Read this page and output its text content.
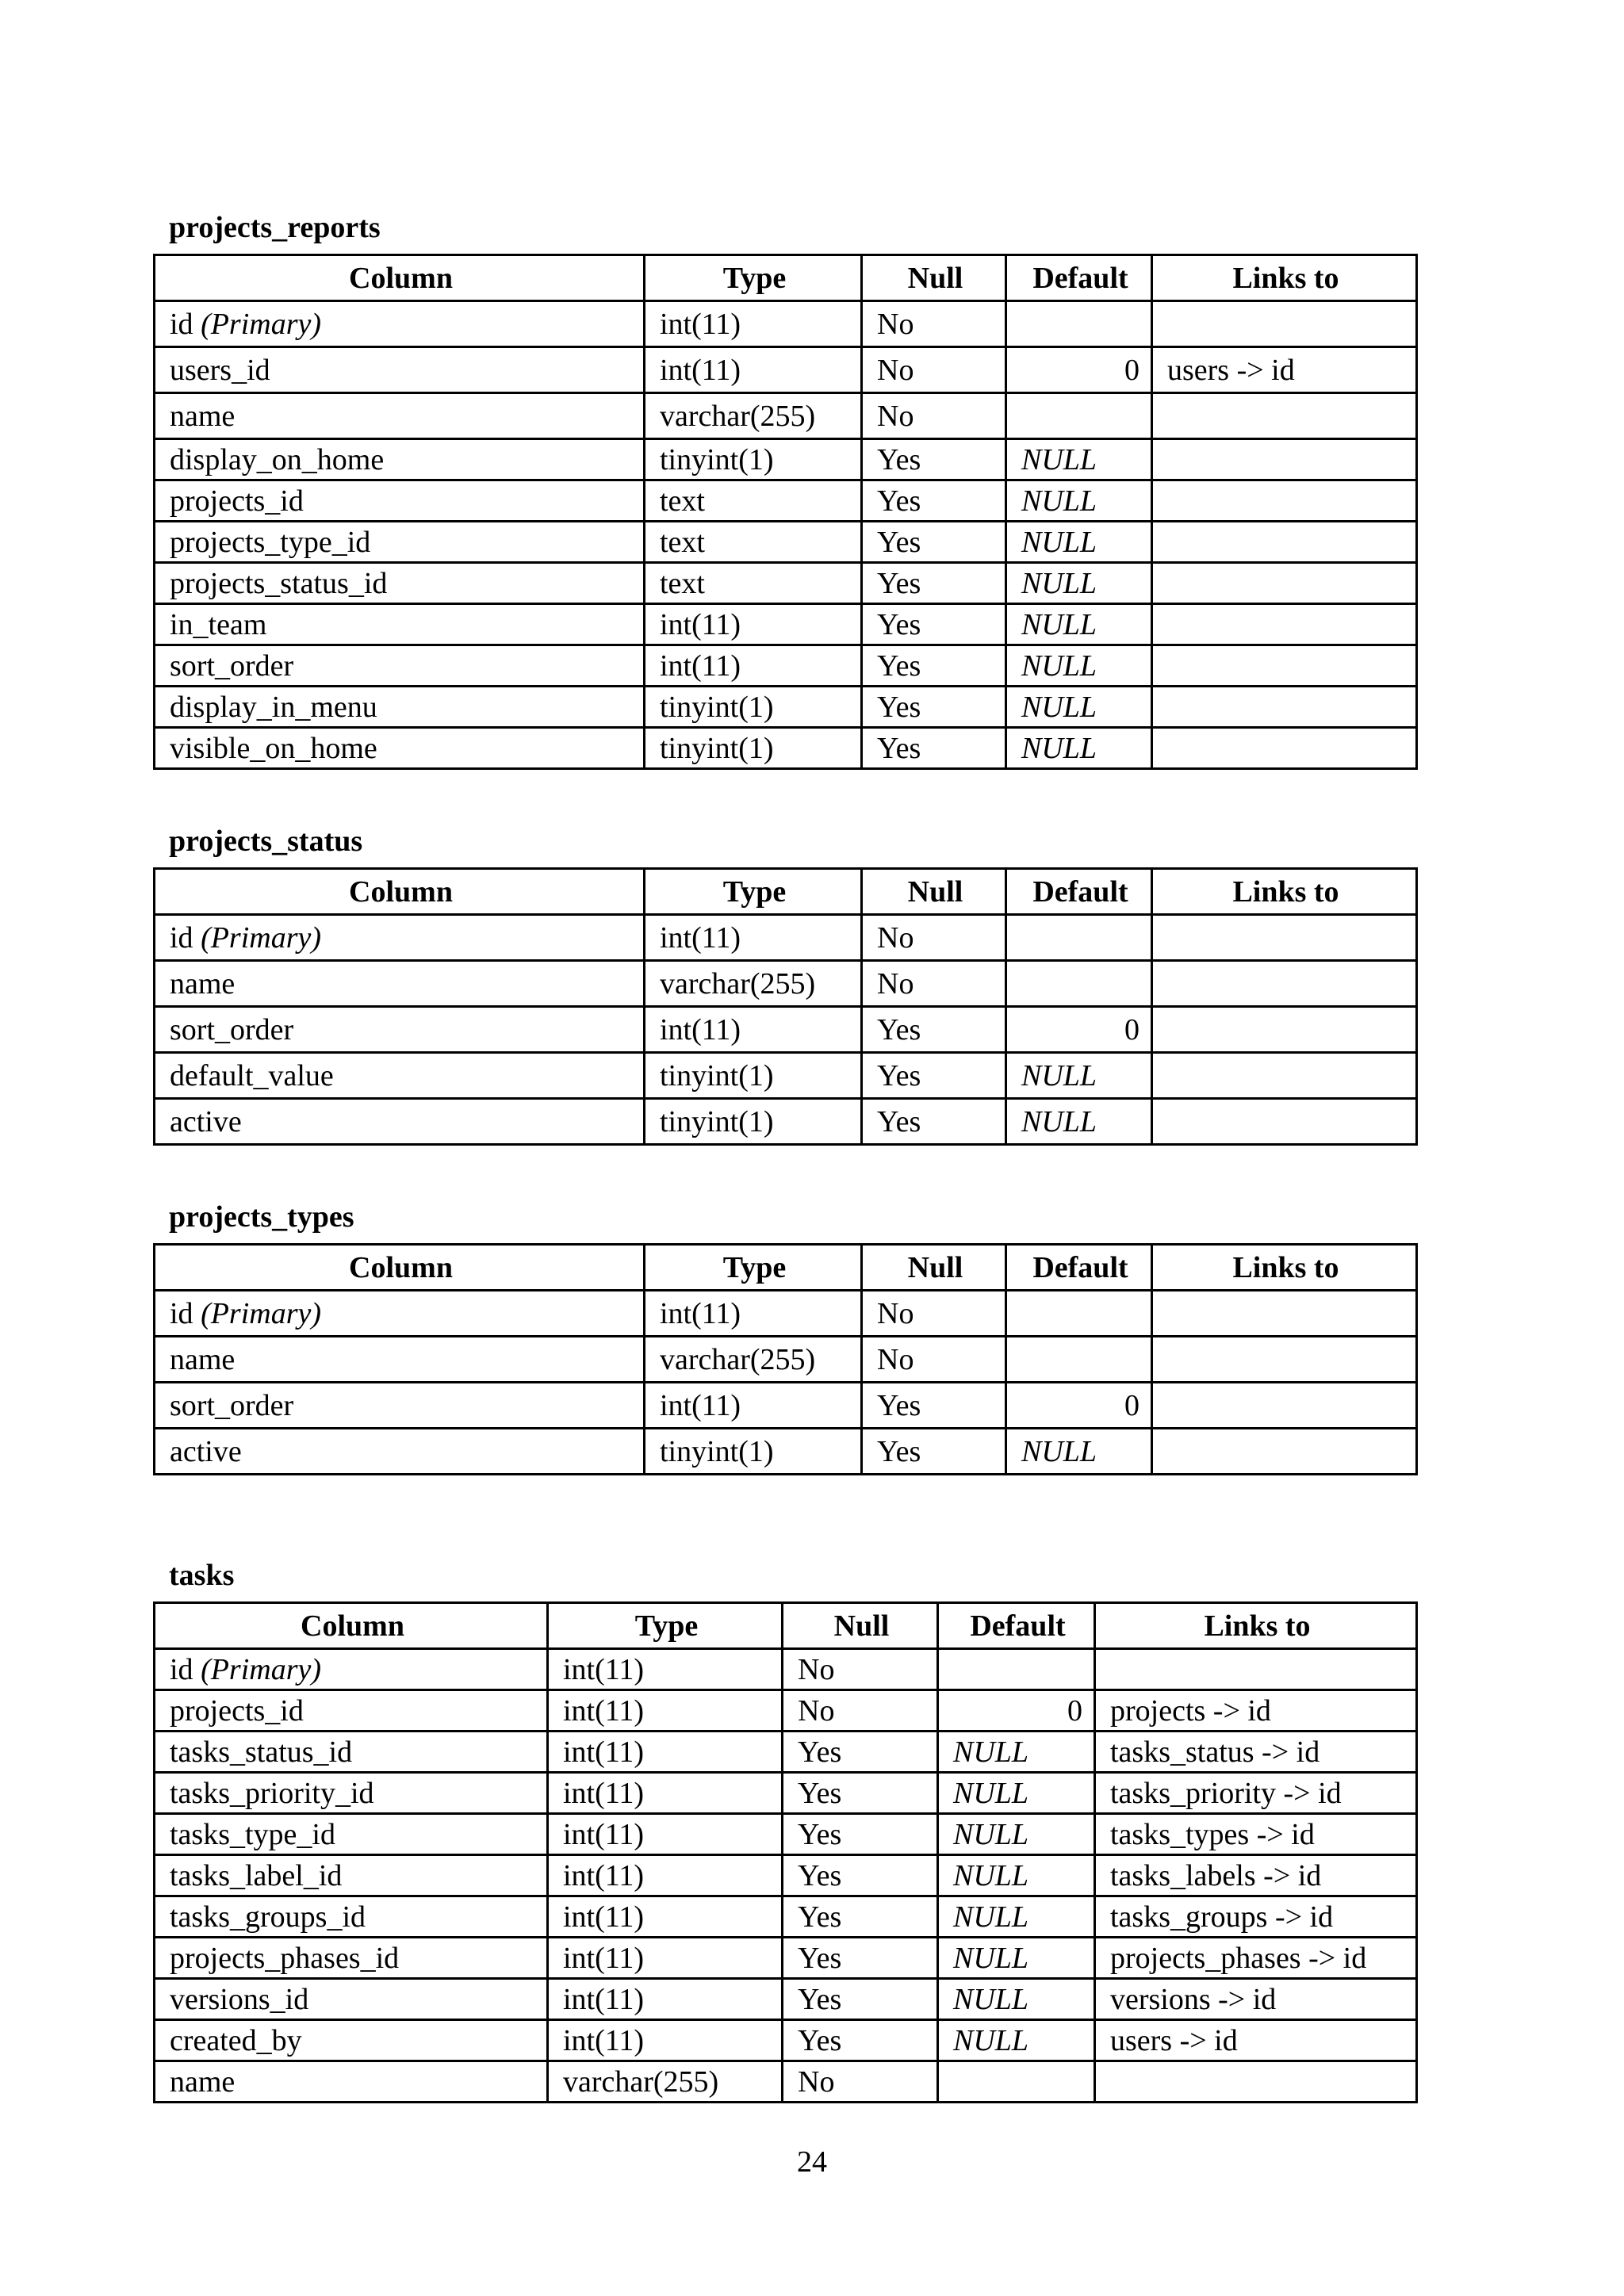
projects_reports
Column	Type	Null	Default	Links to
id (Primary)	int(11)	No		
users_id	int(11)	No	0	users -> id
name	varchar(255)	No		
display_on_home	tinyint(1)	Yes	NULL	
projects_id	text	Yes	NULL	
projects_type_id	text	Yes	NULL	
projects_status_id	text	Yes	NULL	
in_team	int(11)	Yes	NULL	
sort_order	int(11)	Yes	NULL	
display_in_menu	tinyint(1)	Yes	NULL	
visible_on_home	tinyint(1)	Yes	NULL	
projects_status
Column	Type	Null	Default	Links to
id (Primary)	int(11)	No		
name	varchar(255)	No		
sort_order	int(11)	Yes	0	
default_value	tinyint(1)	Yes	NULL	
active	tinyint(1)	Yes	NULL	
projects_types
Column	Type	Null	Default	Links to
id (Primary)	int(11)	No		
name	varchar(255)	No		
sort_order	int(11)	Yes	0	
active	tinyint(1)	Yes	NULL	
tasks
Column	Type	Null	Default	Links to
id (Primary)	int(11)	No		
projects_id	int(11)	No	0	projects -> id
tasks_status_id	int(11)	Yes	NULL	tasks_status -> id
tasks_priority_id	int(11)	Yes	NULL	tasks_priority -> id
tasks_type_id	int(11)	Yes	NULL	tasks_types -> id
tasks_label_id	int(11)	Yes	NULL	tasks_labels -> id
tasks_groups_id	int(11)	Yes	NULL	tasks_groups -> id
projects_phases_id	int(11)	Yes	NULL	projects_phases -> id
versions_id	int(11)	Yes	NULL	versions -> id
created_by	int(11)	Yes	NULL	users -> id
name	varchar(255)	No		
24
